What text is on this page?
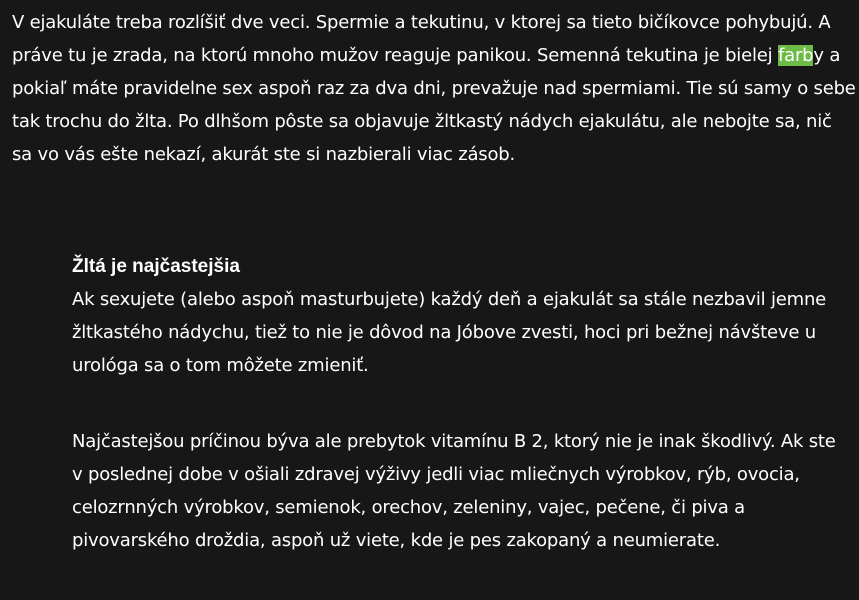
V ejakuláte treba rozlíšiť dve veci. Spermie a tekutinu, v ktorej sa tieto bičíkovce pohybujú. A práve tu je zrada, na ktorú mnoho mužov reaguje panikou. Semenná tekutina je bielej farby a pokiaľ máte pravidelne sex aspoň raz za dva dni, prevažuje nad spermiami. Tie sú samy o sebe tak trochu do žlta. Po dlhšom pôste sa objavuje žltkastý nádych ejakulátu, ale nebojte sa, nič sa vo vás ešte nekazí, akurát ste si nazbierali viac zásob.

Žltá je najčastejšia

Ak sexujete (alebo aspoň masturbujete) každý deň a ejakulát sa stále nezbavil jemne žltkastého nádychu, tiež to nie je dôvod na Jóbove zvesti, hoci pri bežnej návšteve u urológa sa o tom môžete zmieniť.

Najčastejšou príčinou býva ale prebytok vitamínu B 2, ktorý nie je inak škodlivý. Ak ste v poslednej dobe v ošiali zdravej výživy jedli viac mliečnych výrobkov, rýb, ovocia, celozrnných výrobkov, semienok, orechov, zeleniny, vajec, pečene, či piva a pivovarského droždia, aspoň už viete, kde je pes zakopaný a neumierate.
